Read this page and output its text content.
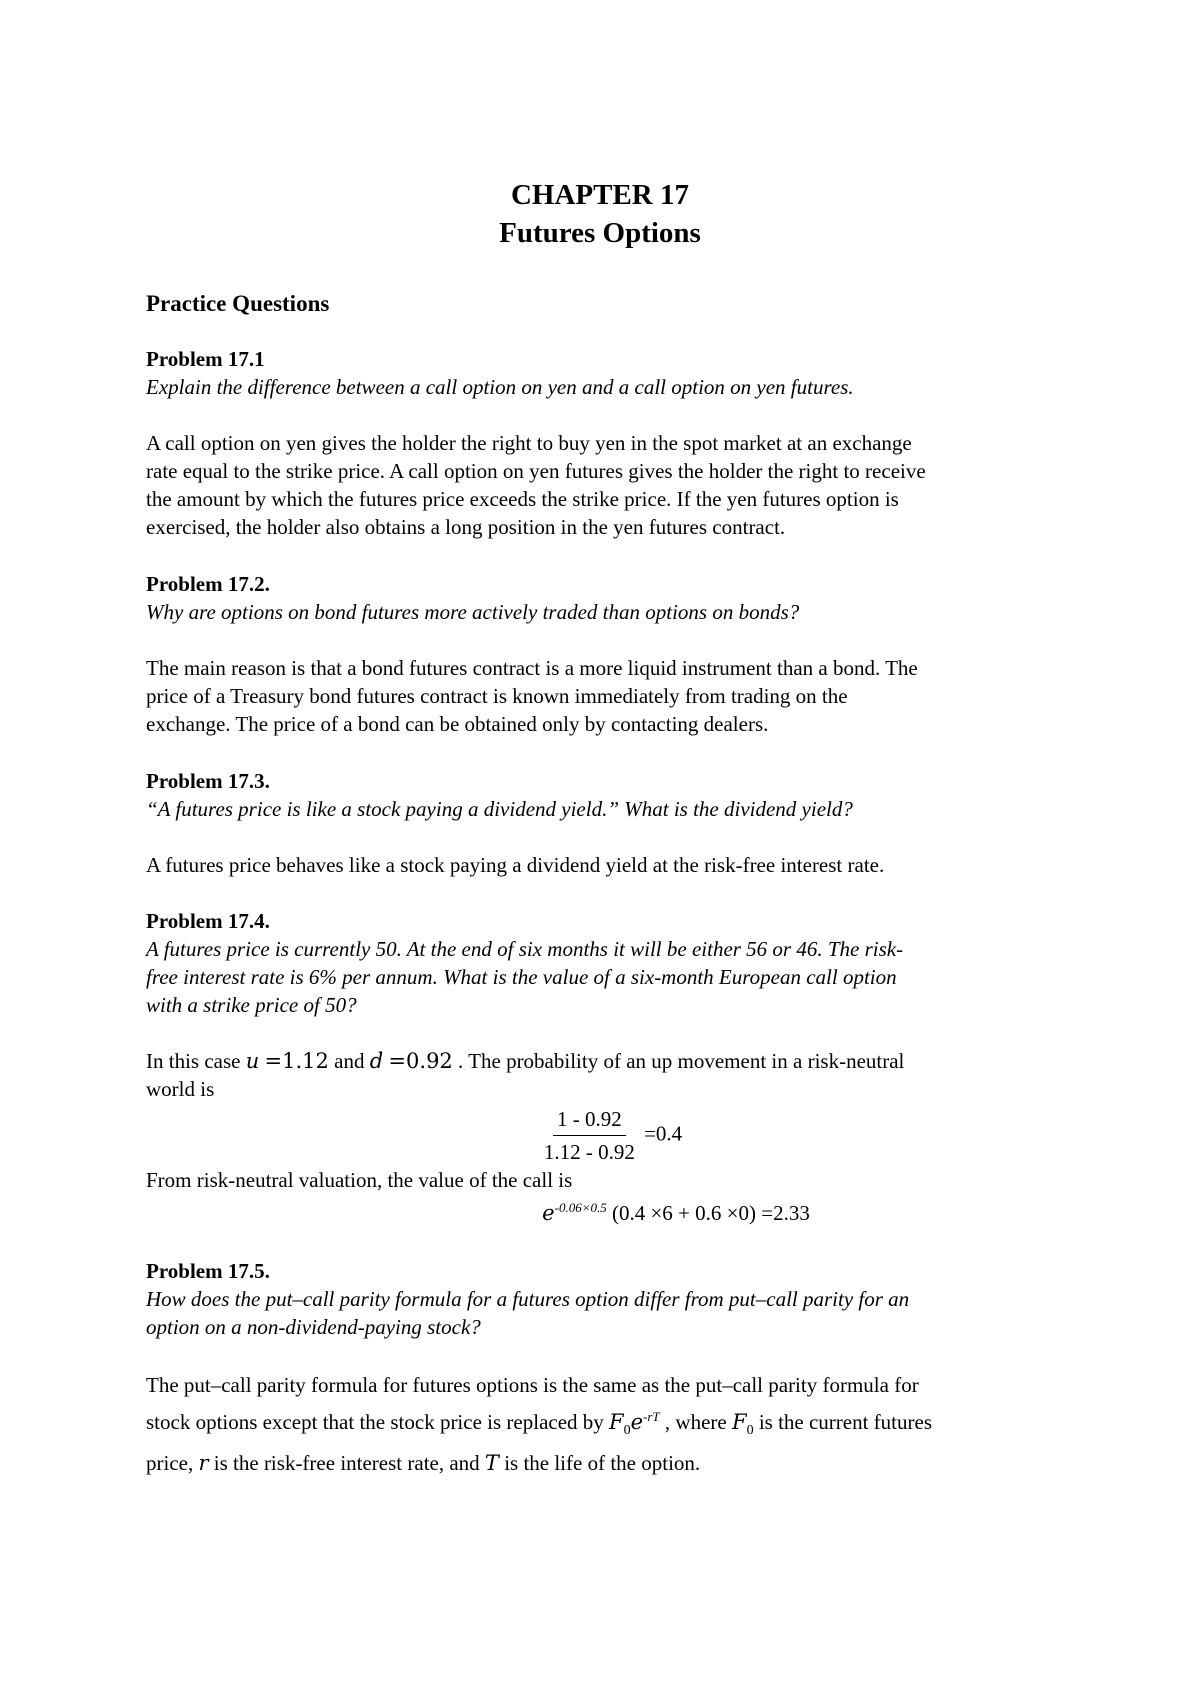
CHAPTER 17
Futures Options
Practice Questions
Problem 17.1
Explain the difference between a call option on yen and a call option on yen futures.
A call option on yen gives the holder the right to buy yen in the spot market at an exchange
rate equal to the strike price. A call option on yen futures gives the holder the right to receive
the amount by which the futures price exceeds the strike price. If the yen futures option is
exercised, the holder also obtains a long position in the yen futures contract.
Problem 17.2.
Why are options on bond futures more actively traded than options on bonds?
The main reason is that a bond futures contract is a more liquid instrument than a bond. The
price of a Treasury bond futures contract is known immediately from trading on the
exchange. The price of a bond can be obtained only by contacting dealers.
Problem 17.3.
“A futures price is like a stock paying a dividend yield.” What is the dividend yield?
A futures price behaves like a stock paying a dividend yield at the risk-free interest rate.
Problem 17.4.
A futures price is currently 50. At the end of six months it will be either 56 or 46. The risk-
free interest rate is 6% per annum. What is the value of a six-month European call option
with a strike price of 50?
In this case u =1.12 and d =0.92 . The probability of an up movement in a risk-neutral
world is
$\frac{1 - 0.92}{1.12 - 0.92} =0.4$
From risk-neutral valuation, the value of the call is
$e^{-0.06\times 0.5}$ (0.4 ×6 + 0.6 ×0) =2.33
Problem 17.5.
How does the put–call parity formula for a futures option differ from put–call parity for an
option on a non-dividend-paying stock?
The put–call parity formula for futures options is the same as the put–call parity formula for
stock options except that the stock price is replaced by $F_0e^{-rT}$ , where $F_0$ is the current futures
price, r is the risk-free interest rate, and T is the life of the option.
